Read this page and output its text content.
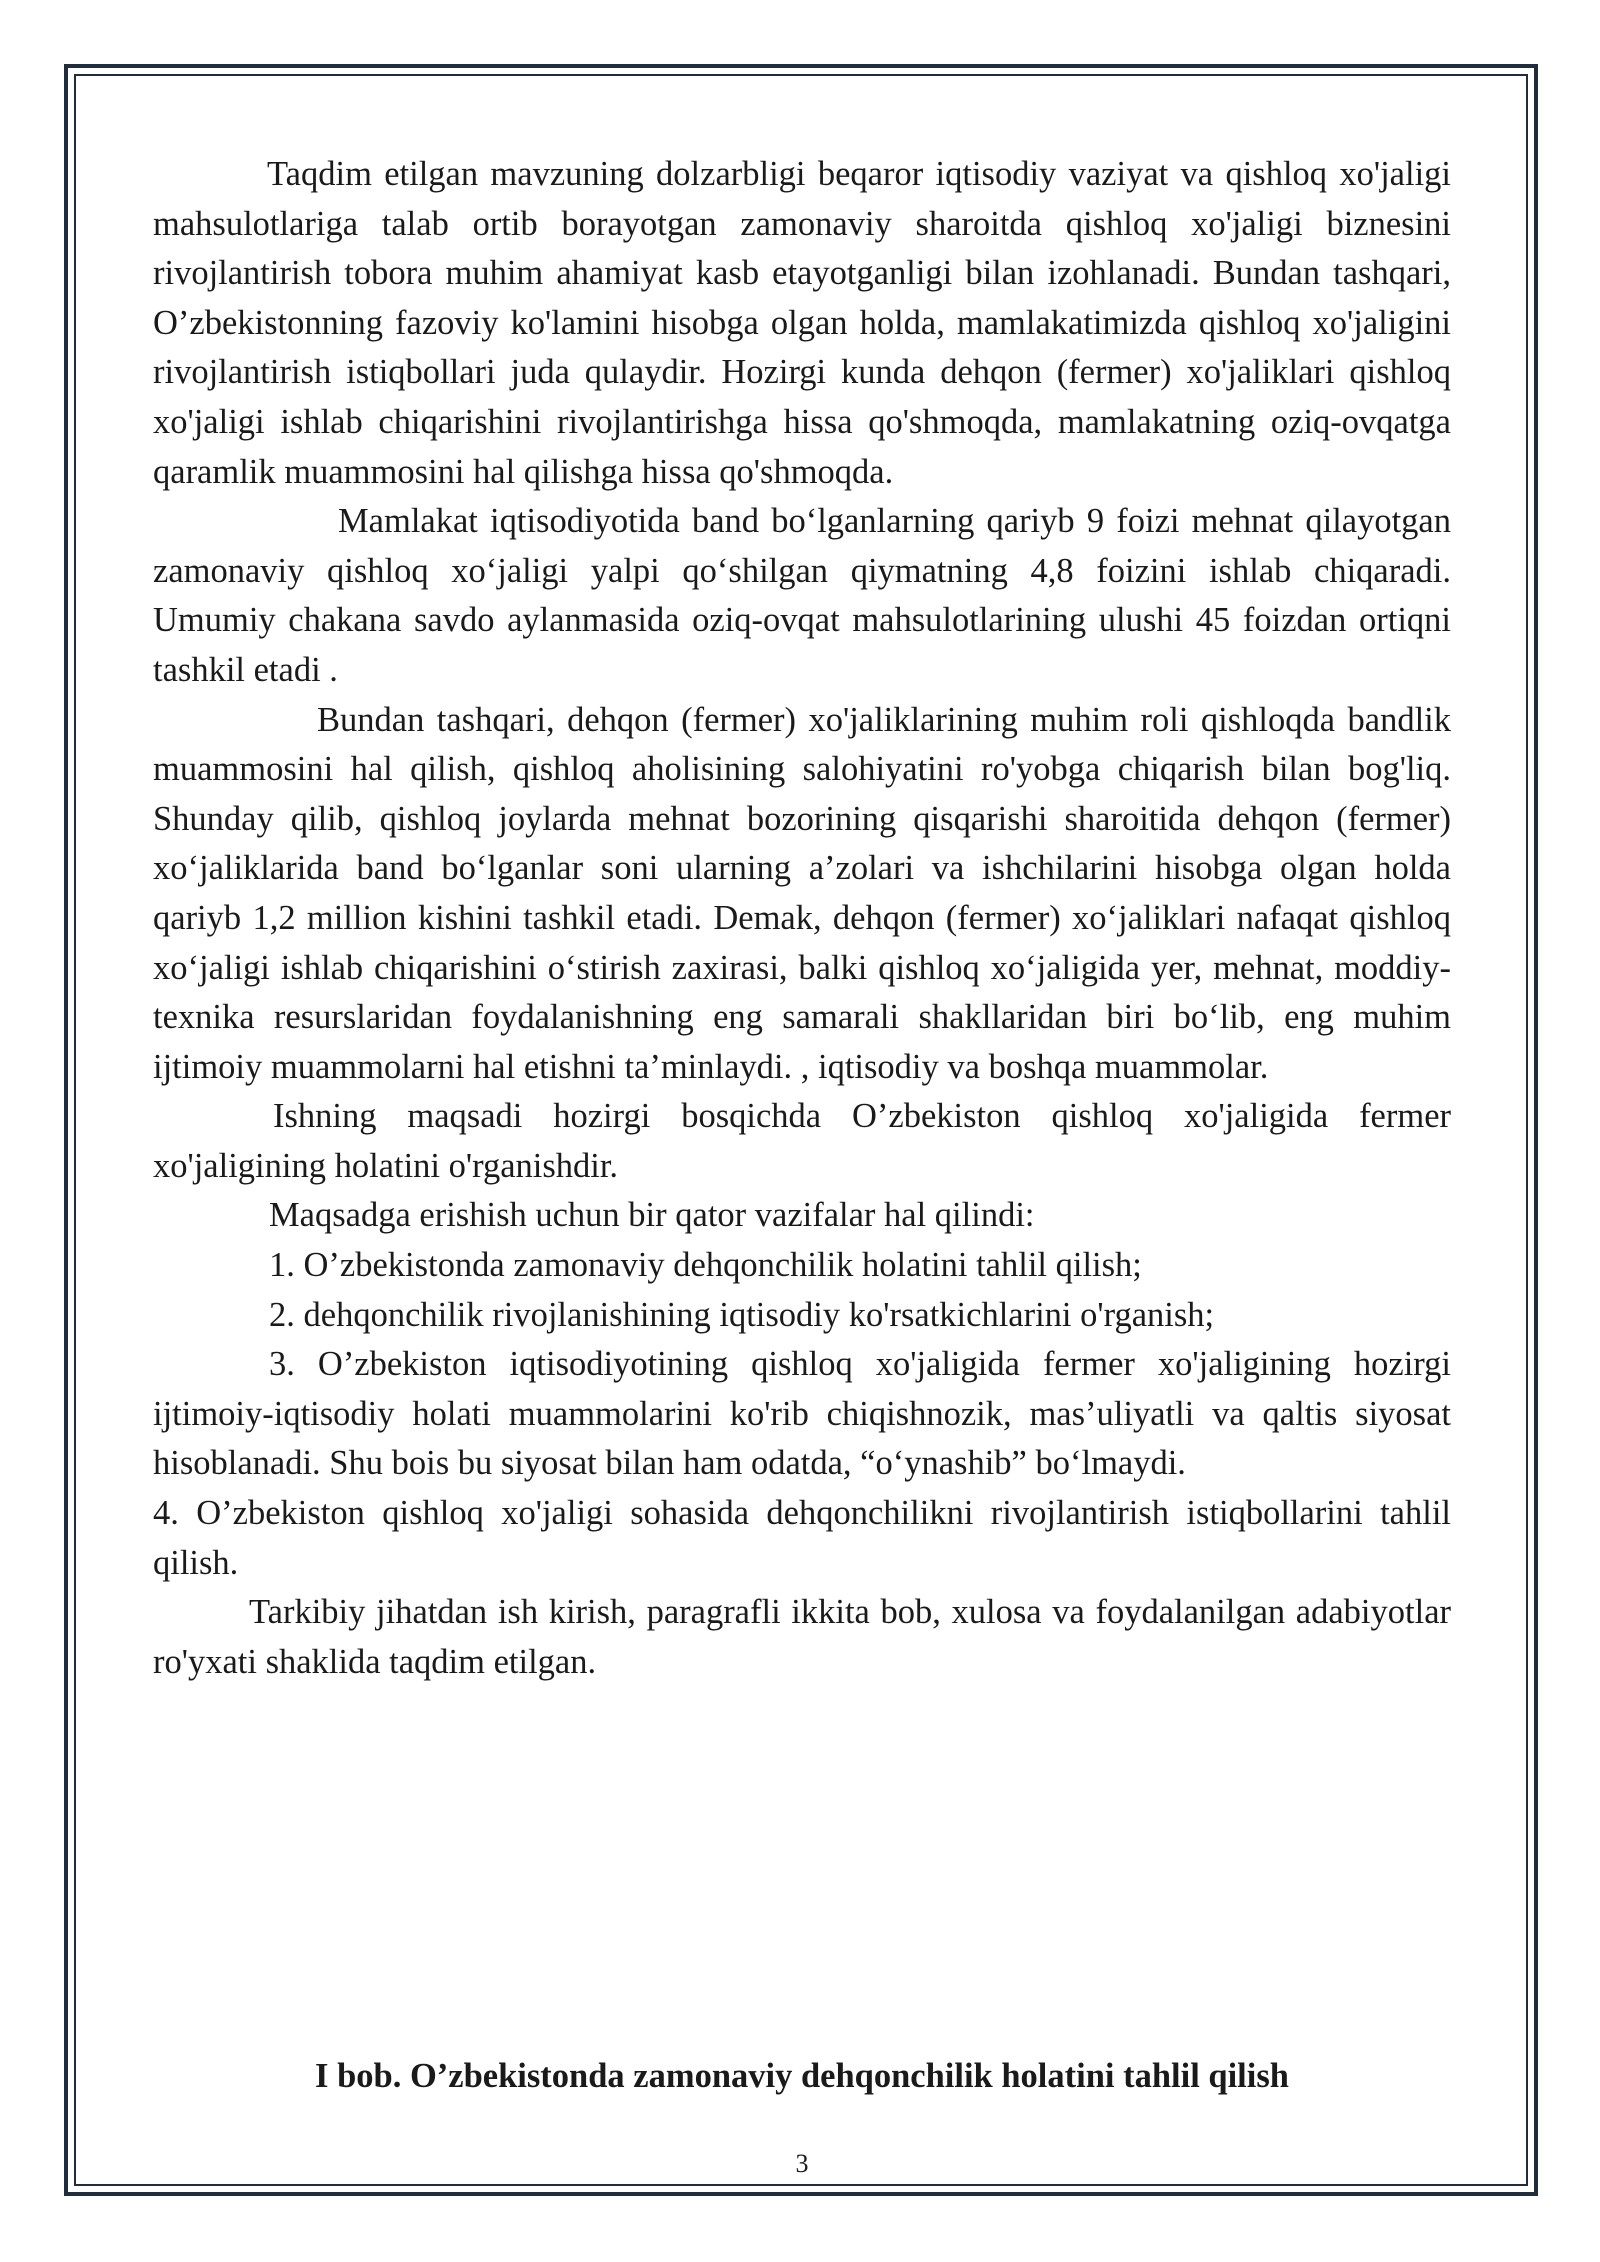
Taqdim etilgan mavzuning dolzarbligi beqaror iqtisodiy vaziyat va qishloq xo'jaligi mahsulotlariga talab ortib borayotgan zamonaviy sharoitda qishloq xo'jaligi biznesini rivojlantirish tobora muhim ahamiyat kasb etayotganligi bilan izohlanadi. Bundan tashqari, O’zbekistonning fazoviy ko'lamini hisobga olgan holda, mamlakatimizda qishloq xo'jaligini rivojlantirish istiqbollari juda qulaydir. Hozirgi kunda dehqon (fermer) xo'jaliklari qishloq xo'jaligi ishlab chiqarishini rivojlantirishga hissa qo'shmoqda, mamlakatning oziq-ovqatga qaramlik muammosini hal qilishga hissa qo'shmoqda.

Mamlakat iqtisodiyotida band bo‘lganlarning qariyb 9 foizi mehnat qilayotgan zamonaviy qishloq xo‘jaligi yalpi qo‘shilgan qiymatning 4,8 foizini ishlab chiqaradi. Umumiy chakana savdo aylanmasida oziq-ovqat mahsulotlarining ulushi 45 foizdan ortiqni tashkil etadi .

Bundan tashqari, dehqon (fermer) xo'jaliklarining muhim roli qishloqda bandlik muammosini hal qilish, qishloq aholisining salohiyatini ro'yobga chiqarish bilan bog'liq. Shunday qilib, qishloq joylarda mehnat bozorining qisqarishi sharoitida dehqon (fermer) xo‘jaliklarida band bo‘lganlar soni ularning a’zolari va ishchilarini hisobga olgan holda qariyb 1,2 million kishini tashkil etadi. Demak, dehqon (fermer) xo‘jaliklari nafaqat qishloq xo‘jaligi ishlab chiqarishini o‘stirish zaxirasi, balki qishloq xo‘jaligida yer, mehnat, moddiy-texnika resurslaridan foydalanishning eng samarali shakllaridan biri bo‘lib, eng muhim ijtimoiy muammolarni hal etishni ta’minlaydi. , iqtisodiy va boshqa muammolar.

Ishning maqsadi hozirgi bosqichda O’zbekiston qishloq xo'jaligida fermer xo'jaligining holatini o'rganishdir.

Maqsadga erishish uchun bir qator vazifalar hal qilindi:

1. O’zbekistonda zamonaviy dehqonchilik holatini tahlil qilish;

2. dehqonchilik rivojlanishining iqtisodiy ko'rsatkichlarini o'rganish;

3. O’zbekiston iqtisodiyotining qishloq xo'jaligida fermer xo'jaligining hozirgi ijtimoiy-iqtisodiy holati muammolarini ko'rib chiqishnozik, mas’uliyatli va qaltis siyosat hisoblanadi. Shu bois bu siyosat bilan ham odatda, “o‘ynashib” bo‘lmaydi.

4. O’zbekiston qishloq xo'jaligi sohasida dehqonchilikni rivojlantirish istiqbollarini tahlil qilish.

Tarkibiy jihatdan ish kirish, paragrafli ikkita bob, xulosa va foydalanilgan adabiyotlar ro'yxati shaklida taqdim etilgan.

I bob. O’zbekistonda zamonaviy dehqonchilik holatini tahlil qilish
3
